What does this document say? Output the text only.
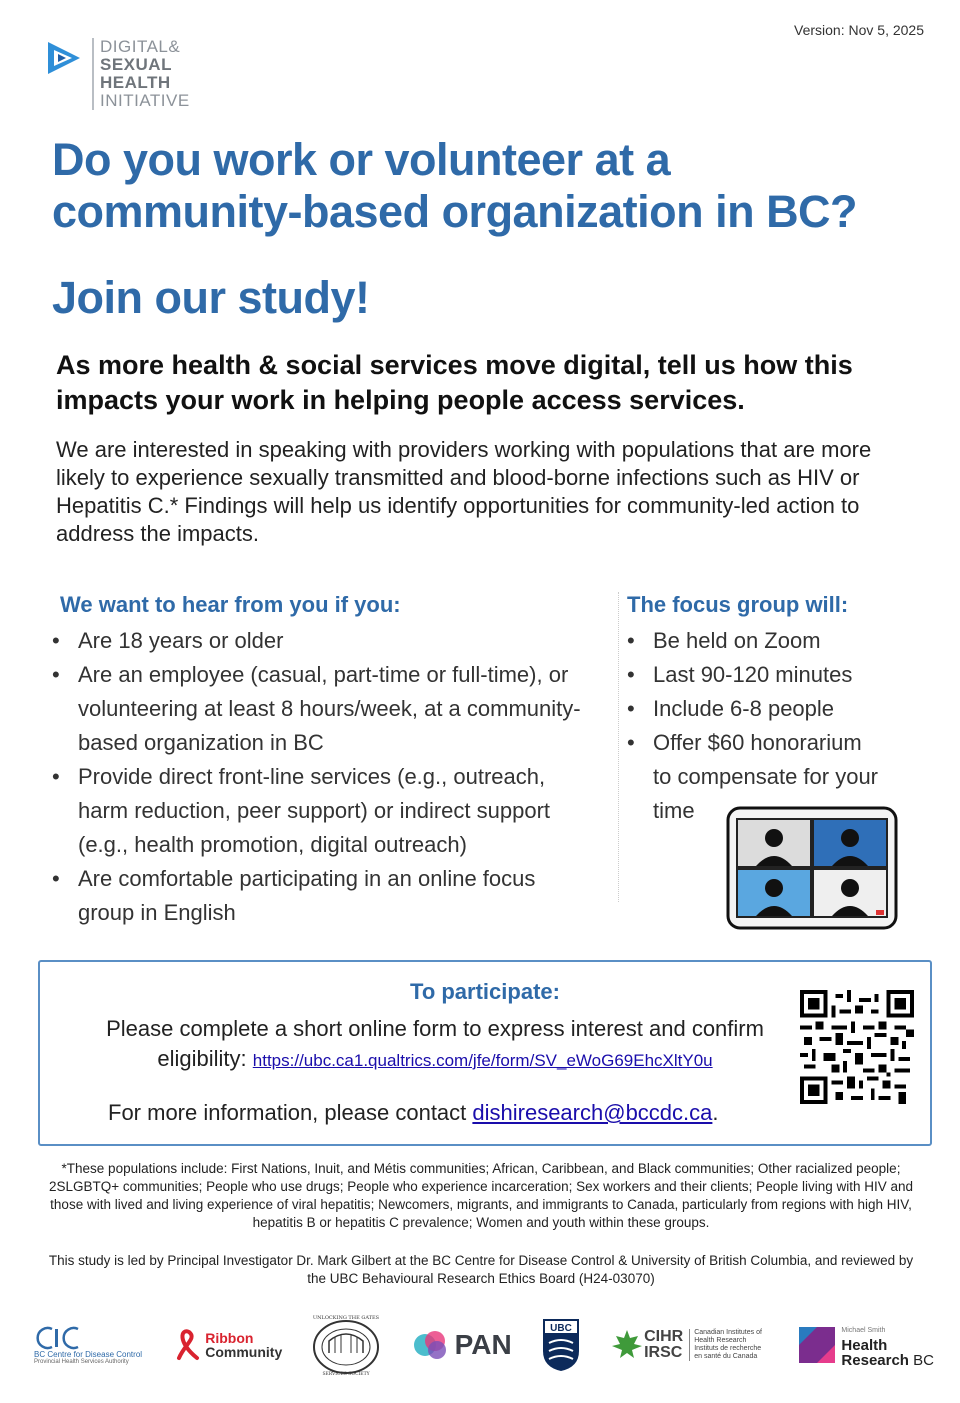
Version: Nov 5, 2025
DIGITAL&
SEXUAL
HEALTH
INITIATIVE
Do you work or volunteer at a community-based organization in BC?
Join our study!
As more health & social services move digital, tell us how this impacts your work in helping people access services.
We are interested in speaking with providers working with populations that are more likely to experience sexually transmitted and blood-borne infections such as HIV or Hepatitis C.* Findings will help us identify opportunities for community-led action to address the impacts.
We want to hear from you if you:
• Are 18 years or older
• Are an employee (casual, part-time or full-time), or volunteering at least 8 hours/week, at a community-based organization in BC
• Provide direct front-line services (e.g., outreach, harm reduction, peer support) or indirect support (e.g., health promotion, digital outreach)
• Are comfortable participating in an online focus group in English
The focus group will:
• Be held on Zoom
• Last 90-120 minutes
• Include 6-8 people
• Offer $60 honorarium to compensate for your time
To participate:
Please complete a short online form to express interest and confirm eligibility: https://ubc.ca1.qualtrics.com/jfe/form/SV_eWoG69EhcXltY0u
For more information, please contact dishiresearch@bccdc.ca.
*These populations include: First Nations, Inuit, and Métis communities; African, Caribbean, and Black communities; Other racialized people; 2SLGBTQ+ communities; People who use drugs; People who experience incarceration; Sex workers and their clients; People living with HIV and those with lived and living experience of viral hepatitis; Newcomers, migrants, and immigrants to Canada, particularly from regions with high HIV, hepatitis B or hepatitis C prevalence; Women and youth within these groups.
This study is led by Principal Investigator Dr. Mark Gilbert at the BC Centre for Disease Control & University of British Columbia, and reviewed by the UBC Behavioural Research Ethics Board (H24-03070)
BC Centre for Disease Control
Provincial Health Services Authority
Ribbon
Community
UNLOCKING THE GATES
SERVICES SOCIETY
PAN
UBC	CIHR
IRSC
Canadian Institutes of Health Research
Instituts de recherche en santé du Canada
Michael Smith
Health
Research BC
